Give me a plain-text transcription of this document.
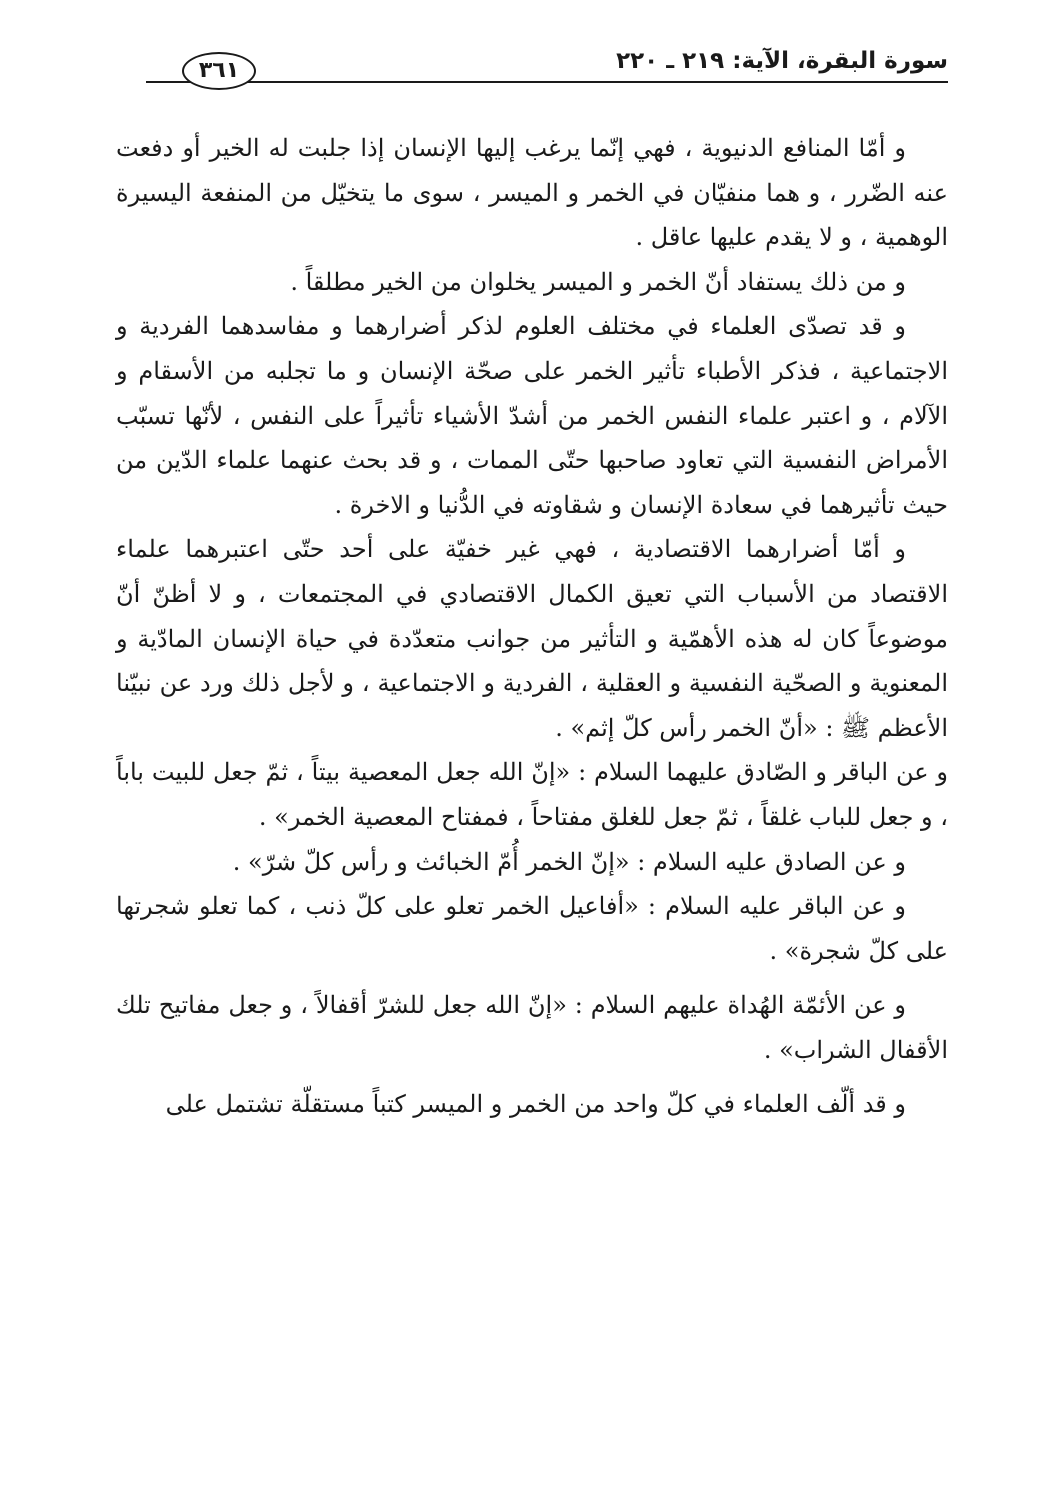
سورة البقرة، الآية: ٢١٩ ـ ٢٢٠
٣٦١

و أمّا المنافع الدنيوية ، فهي إنّما يرغب إليها الإنسان إذا جلبت له الخير أو دفعت عنه الضّرر ، و هما منفيّان في الخمر و الميسر ، سوى ما يتخيّل من المنفعة اليسيرة الوهمية ، و لا يقدم عليها عاقل .

و من ذلك يستفاد أنّ الخمر و الميسر يخلوان من الخير مطلقاً .

و قد تصدّى العلماء في مختلف العلوم لذكر أضرارهما و مفاسدهما الفردية و الاجتماعية ، فذكر الأطباء تأثير الخمر على صحّة الإنسان و ما تجلبه من الأسقام و الآلام ، و اعتبر علماء النفس الخمر من أشدّ الأشياء تأثيراً على النفس ، لأنّها تسبّب الأمراض النفسية التي تعاود صاحبها حتّى الممات ، و قد بحث عنهما علماء الدّين من حيث تأثيرهما في سعادة الإنسان و شقاوته في الدُّنيا و الاخرة .

و أمّا أضرارهما الاقتصادية ، فهي غير خفيّة على أحد حتّى اعتبرهما علماء الاقتصاد من الأسباب التي تعيق الكمال الاقتصادي في المجتمعات ، و لا أظنّ أنّ موضوعاً كان له هذه الأهمّية و التأثير من جوانب متعدّدة في حياة الإنسان المادّية و المعنوية و الصحّية النفسية و العقلية ، الفردية و الاجتماعية ، و لأجل ذلك ورد عن نبيّنا الأعظم ﷺ : «أنّ الخمر رأس كلّ إثم» .

و عن الباقر و الصّادق عليهما السلام : «إنّ الله جعل المعصية بيتاً ، ثمّ جعل للبيت باباً ، و جعل للباب غلقاً ، ثمّ جعل للغلق مفتاحاً ، فمفتاح المعصية الخمر» .

و عن الصادق عليه السلام : «إنّ الخمر أُمّ الخبائث و رأس كلّ شرّ» .

و عن الباقر عليه السلام : «أفاعيل الخمر تعلو على كلّ ذنب ، كما تعلو شجرتها على كلّ شجرة» .

و عن الأئمّة الهُداة عليهم السلام : «إنّ الله جعل للشرّ أقفالاً ، و جعل مفاتيح تلك الأقفال الشراب» .

و قد ألّف العلماء في كلّ واحد من الخمر و الميسر كتباً مستقلّة تشتمل على
